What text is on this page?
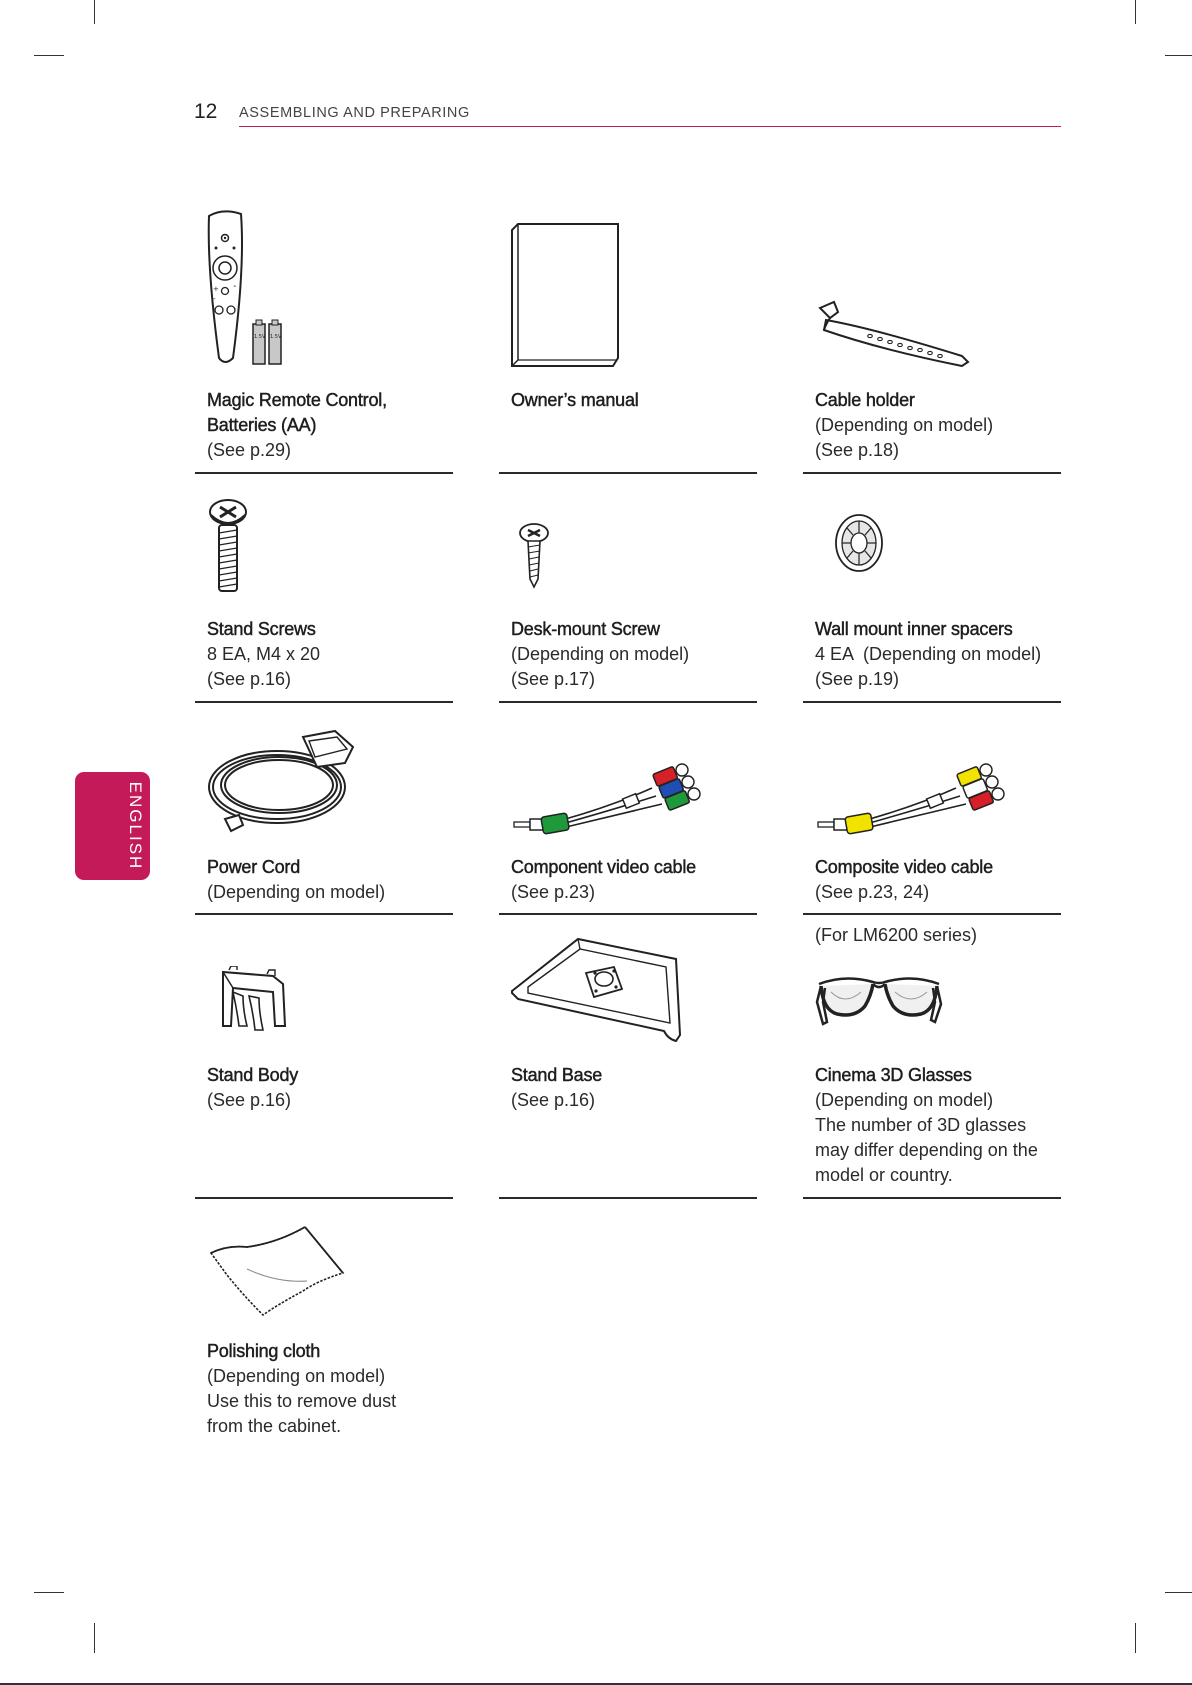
12 ASSEMBLING AND PREPARING
ENGLISH
+ ˄
-
1.5V 1.5V
Magic Remote Control,
Batteries (AA)
(See p.29)
Owner’s manual	Cable holder
(Depending on model)
(See p.18)
Stand Screws
8 EA, M4 x 20
(See p.16)
Desk-mount Screw
(Depending on model)
(See p.17)
Wall mount inner spacers
4 EA  (Depending on model)
(See p.19)
Power Cord
(Depending on model)
Component video cable
(See p.23)
Composite video cable
(See p.23, 24)
Stand Body
(See p.16)
Stand Base
(See p.16)
(For LM6200 series)
Cinema 3D Glasses
(Depending on model)
The number of 3D glasses
may differ depending on the
model or country.
Polishing cloth
(Depending on model)
Use this to remove dust
from the cabinet.
